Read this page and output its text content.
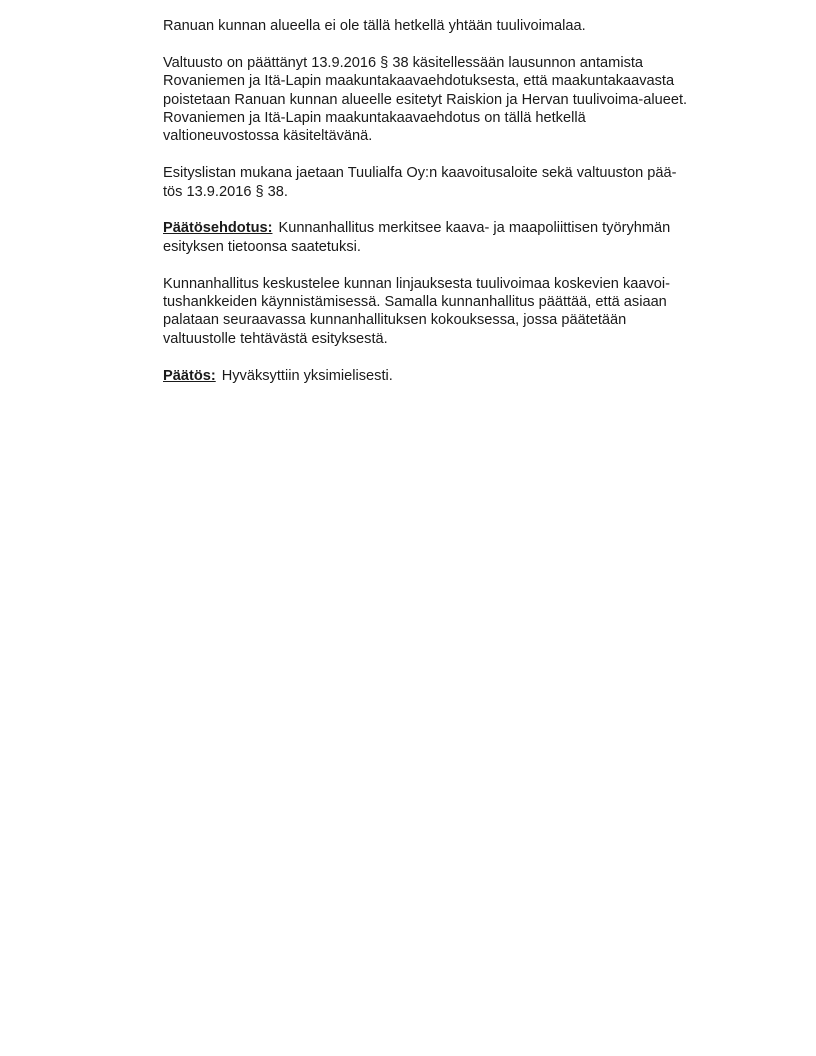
Ranuan kunnan alueella ei ole tällä hetkellä yhtään tuulivoimalaa.

Valtuusto on päättänyt 13.9.2016 § 38 käsitellessään lausunnon antamista
Rovaniemen ja Itä-Lapin maakuntakaavaehdotuksesta, että maakuntakaavasta
poistetaan Ranuan kunnan alueelle esitetyt Raiskion ja Hervan tuulivoima-alueet.
Rovaniemen ja Itä-Lapin maakuntakaavaehdotus on tällä hetkellä
valtioneuvostossa käsiteltävänä.

Esityslistan mukana jaetaan Tuulialfa Oy:n kaavoitusaloite sekä valtuuston pää-
tös 13.9.2016 § 38.

Päätösehdotus: Kunnanhallitus merkitsee kaava- ja maapoliittisen työryhmän
esityksen tietoonsa saatetuksi.

Kunnanhallitus keskustelee kunnan linjauksesta tuulivoimaa koskevien kaavoi-
tushankkeiden käynnistämisessä. Samalla kunnanhallitus päättää, että asiaan
palataan seuraavassa kunnanhallituksen kokouksessa, jossa päätetään
valtuustolle tehtävästä esityksestä.

Päätös: Hyväksyttiin yksimielisesti.
